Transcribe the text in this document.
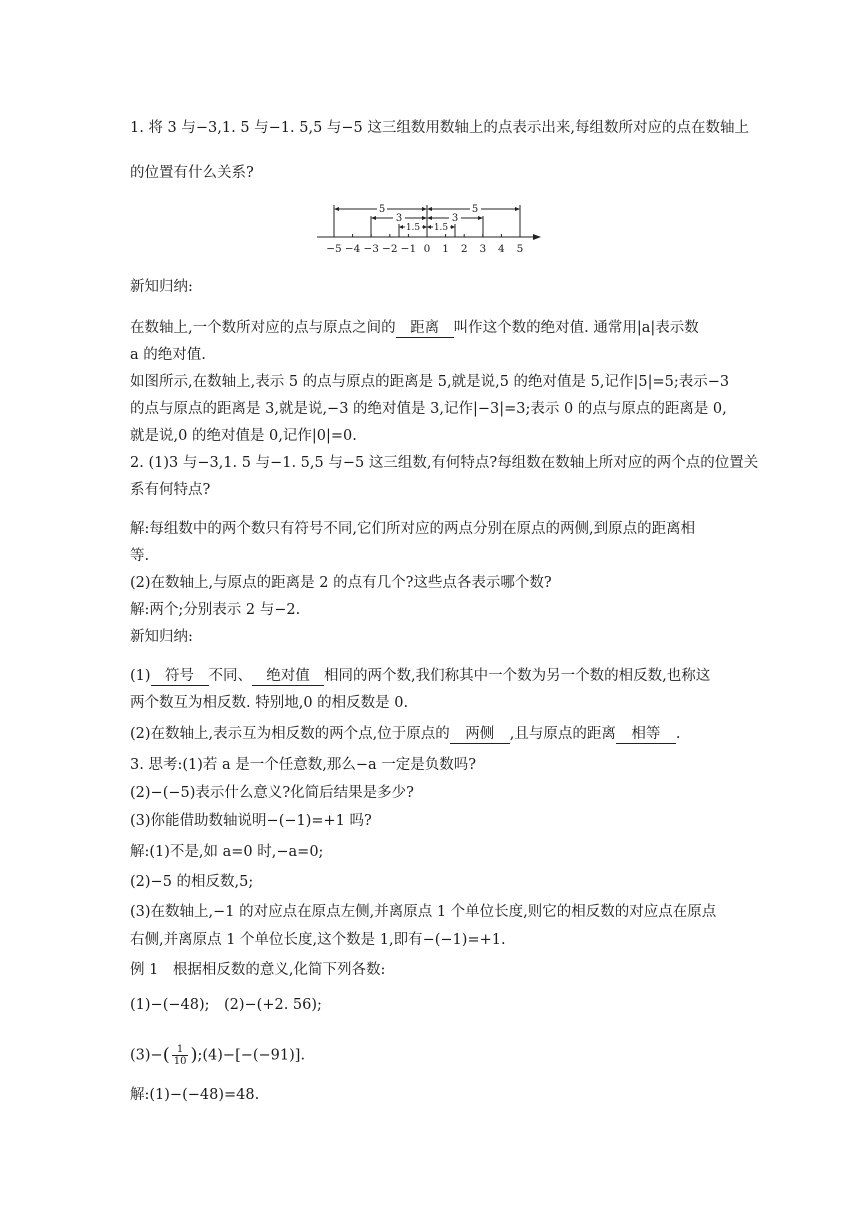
1. 将 3 与−3,1. 5 与−1. 5,5 与−5 这三组数用数轴上的点表示出来,每组数所对应的点在数轴上

的位置有什么关系?

5	5
3	3
1.5 1.5
−5 −4 −3 −2 −1 0 1 2 3 4 5

新知归纳:

在数轴上,一个数所对应的点与原点之间的 距离 叫作这个数的绝对值. 通常用|a|表示数

a 的绝对值.

如图所示,在数轴上,表示 5 的点与原点的距离是 5,就是说,5 的绝对值是 5,记作|5|=5;表示−3

的点与原点的距离是 3,就是说,−3 的绝对值是 3,记作|−3|=3;表示 0 的点与原点的距离是 0,

就是说,0 的绝对值是 0,记作|0|=0.

2. (1)3 与−3,1. 5 与−1. 5,5 与−5 这三组数,有何特点?每组数在数轴上所对应的两个点的位置关

系有何特点?

解:每组数中的两个数只有符号不同,它们所对应的两点分别在原点的两侧,到原点的距离相

等.

(2)在数轴上,与原点的距离是 2 的点有几个?这些点各表示哪个数?

解:两个;分别表示 2 与−2.

新知归纳:

(1) 符号 不同、 绝对值 相同的两个数,我们称其中一个数为另一个数的相反数,也称这

两个数互为相反数. 特别地,0 的相反数是 0.

(2)在数轴上,表示互为相反数的两个点,位于原点的 两侧 ,且与原点的距离 相等 .

3. 思考:(1)若 a 是一个任意数,那么−a 一定是负数吗?

(2)−(−5)表示什么意义?化简后结果是多少?

(3)你能借助数轴说明−(−1)=+1 吗?

解:(1)不是,如 a=0 时,−a=0;

(2)−5 的相反数,5;

(3)在数轴上,−1 的对应点在原点左侧,并离原点 1 个单位长度,则它的相反数的对应点在原点

右侧,并离原点 1 个单位长度,这个数是 1,即有−(−1)=+1.

例 1　根据相反数的意义,化简下列各数:

(1)−(−48);　(2)−(+2. 56);

$(3)-( \frac{1}{10}$ );(4)−[−(−91)].

解:(1)−(−48)=48.
